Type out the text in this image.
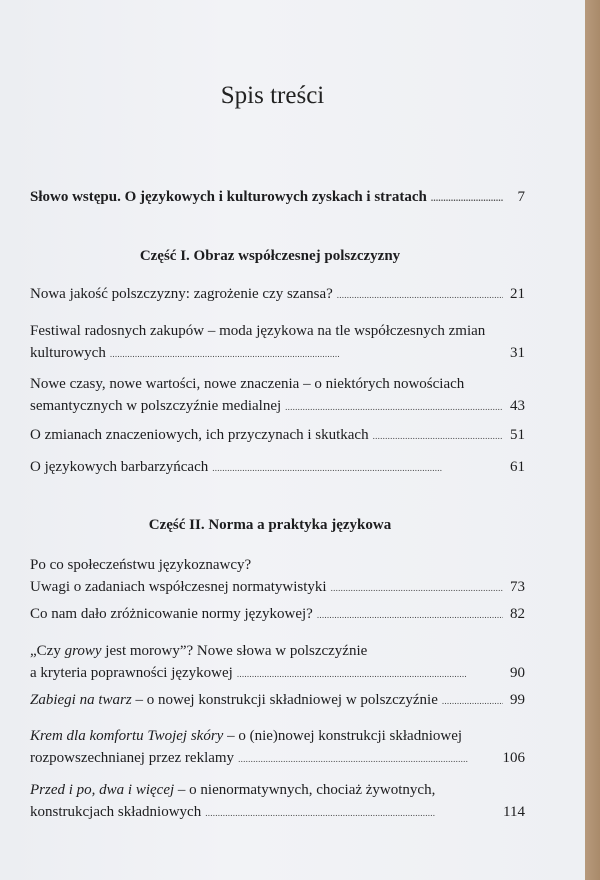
Spis treści
Słowo wstępu. O językowych i kulturowych zyskach i stratach . . .	7
Część I. Obraz współczesnej polszczyzny
Nowa jakość polszczyzny: zagrożenie czy szansa? . . .	21
Festiwal radosnych zakupów – moda językowa na tle współczesnych zmian
kulturowych . . .	31
Nowe czasy, nowe wartości, nowe znaczenia – o niektórych nowościach
semantycznych w polszczyźnie medialnej . . .	43
O zmianach znaczeniowych, ich przyczynach i skutkach . . .	51
O językowych barbarzyńcach . . .	61
Część II. Norma a praktyka językowa
Po co społeczeństwu językoznawcy?
Uwagi o zadaniach współczesnej normatywistyki . . .	73
Co nam dało zróżnicowanie normy językowej? . . .	82
„Czy growy jest morowy”? Nowe słowa w polszczyźnie
a kryteria poprawności językowej . . .	90
Zabiegi na twarz – o nowej konstrukcji składniowej w polszczyźnie . . .	99
Krem dla komfortu Twojej skóry – o (nie)nowej konstrukcji składniowej
rozpowszechnianej przez reklamy . . .	106
Przed i po, dwa i więcej – o nienormatywnych, chociaż żywotnych,
konstrukcjach składniowych . . .	114
